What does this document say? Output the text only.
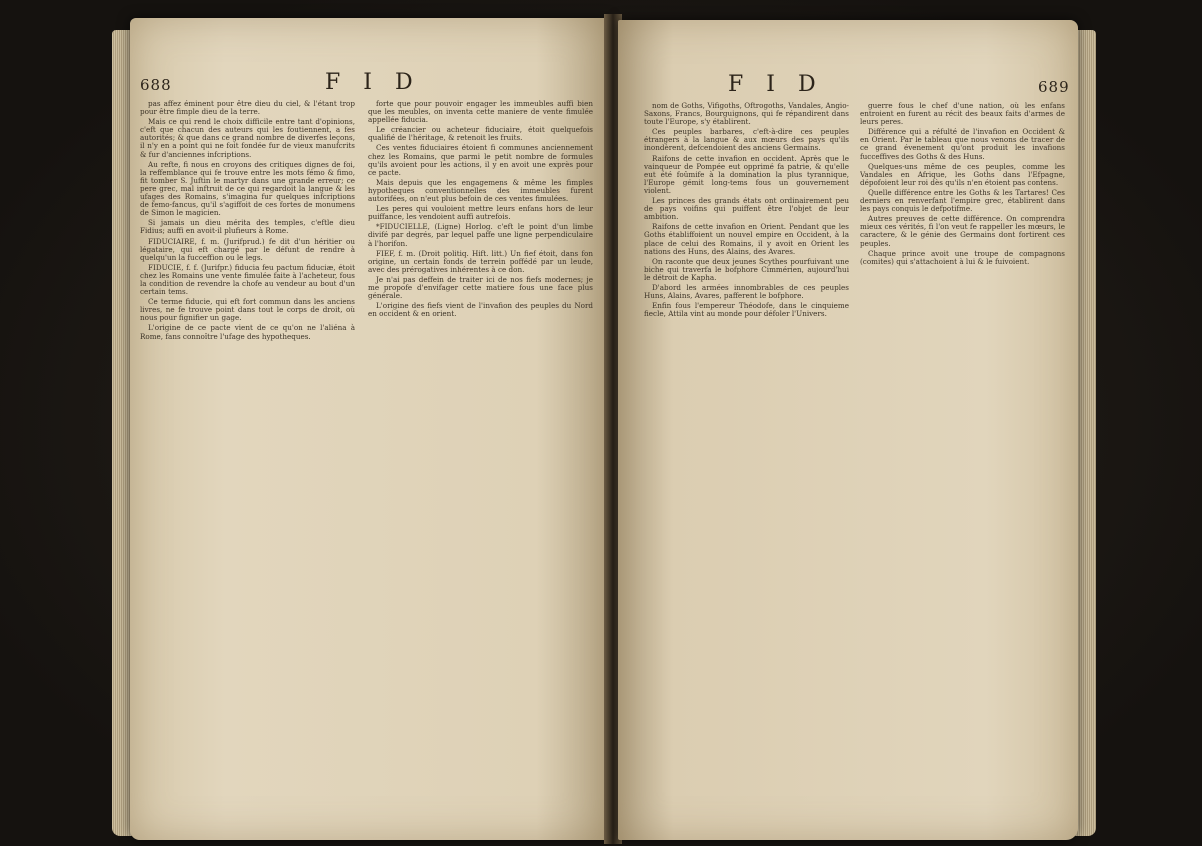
688	F I D

pas affez éminent pour être dieu du ciel, & l'étant trop pour être fimple dieu de la terre.

Mais ce qui rend le choix difficile entre tant d'opinions, c'eft que chacun des auteurs qui les foutiennent, a fes autorités; & que dans ce grand nombre de diverfes leçons, il n'y en a point qui ne foit fondée fur de vieux manufcrits & fur d'anciennes infcriptions.

Au refte, fi nous en croyons des critiques dignes de foi, la reffemblance qui fe trouve entre les mots fémo & fimo, fit tomber S. Juftin le martyr dans une grande erreur; ce pere grec, mal inftruit de ce qui regardoit la langue & les ufages des Romains, s'imagina fur quelques infcriptions de femo-fancus, qu'il s'agiffoit de ces fortes de monumens de Simon le magicien.

Si jamais un dieu mérita des temples, c'eftle dieu Fidius; auffi en avoit-il plufieurs à Rome.

FIDUCIAIRE, f. m. (Jurifprud.) fe dit d'un héritier ou légataire, qui eft chargé par le défunt de rendre à quelqu'un la fucceffion ou le legs.

FIDUCIE, f. f. (Jurifpr.) fiducia feu pactum fiduciæ, étoit chez les Romains une vente fimulée faite à l'acheteur, fous la condition de revendre la chofe au vendeur au bout d'un certain tems.

Ce terme fiducie, qui eft fort commun dans les anciens livres, ne fe trouve point dans tout le corps de droit, où nous pour fignifier un gage.

L'origine de ce pacte vient de ce qu'on ne l'aliéna à Rome, fans connoître l'ufage des hypotheques.

forte que pour pouvoir engager les immeubles auffi bien que les meubles, on inventa cette maniere de vente fimulée appellée fiducia.

Le créancier ou acheteur fiduciaire, étoit quelquefois qualifié de l'héritage, & retenoit les fruits.

Ces ventes fiduciaires étoient fi communes anciennement chez les Romains, que parmi le petit nombre de formules qu'ils avoient pour les actions, il y en avoit une exprès pour ce pacte.

Mais depuis que les engagemens & même les fimples hypotheques conventionnelles des immeubles furent autorifées, on n'eut plus befoin de ces ventes fimulées.

Les peres qui vouloient mettre leurs enfans hors de leur puiffance, les vendoient auffi autrefois.

*FIDUCIELLE, (Ligne) Horlog. c'eft le point d'un limbe divifé par degrés, par lequel paffe une ligne perpendiculaire à l'horifon.

FIEF, f. m. (Droit politiq. Hift. litt.) Un fief étoit, dans fon origine, un certain fonds de terrein poffédé par un leude, avec des prérogatives inhérentes à ce don.

Je n'ai pas deffein de traiter ici de nos fiefs modernes; je me propofe d'envifager cette matiere fous une face plus générale.

L'origine des fiefs vient de l'invafion des peuples du Nord en occident & en orient.

F I D	689

nom de Goths, Vifigoths, Oftrogoths, Vandales, Angio-Saxons, Francs, Bourguignons, qui fe répandirent dans toute l'Europe, s'y établirent.

Ces peuples barbares, c'eft-à-dire ces peuples étrangers à la langue & aux mœurs des pays qu'ils inondèrent, defcendoient des anciens Germains.

Raifons de cette invafion en occident. Après que le vainqueur de Pompée eut opprimé fa patrie, & qu'elle eut été foûmife à la domination la plus tyrannique, l'Europe gémit long-tems fous un gouvernement violent.

Les princes des grands états ont ordinairement peu de pays voifins qui puiffent être l'objet de leur ambition.

Raifons de cette invafion en Orient. Pendant que les Goths établiffoient un nouvel empire en Occident, à la place de celui des Romains, il y avoit en Orient les nations des Huns, des Alains, des Avares.

On raconte que deux jeunes Scythes pourfuivant une biche qui traverfa le bofphore Cimmérien, aujourd'hui le détroit de Kapha.

D'abord les armées innombrables de ces peuples Huns, Alains, Avares, pafferent le bofphore.

Enfin fous l'empereur Théodofe, dans le cinquieme fiecle, Attila vint au monde pour défoler l'Univers.

guerre fous le chef d'une nation, où les enfans entroient en furent au récit des beaux faits d'armes de leurs peres.

Différence qui a réfulté de l'invafion en Occident & en Orient. Par le tableau que nous venons de tracer de ce grand évenement qu'ont produit les invafions fucceffives des Goths & des Huns.

Quelques-uns même de ces peuples, comme les Vandales en Afrique, les Goths dans l'Efpagne, dépofoient leur roi dès qu'ils n'en étoient pas contens.

Quelle différence entre les Goths & les Tartares! Ces derniers en renverfant l'empire grec, établirent dans les pays conquis le defpotifme.

Autres preuves de cette différence. On comprendra mieux ces vérités, fi l'on veut fe rappeller les mœurs, le caractere, & le génie des Germains dont fortirent ces peuples.

Chaque prince avoit une troupe de compagnons (comites) qui s'attachoient à lui & le fuivoient.
